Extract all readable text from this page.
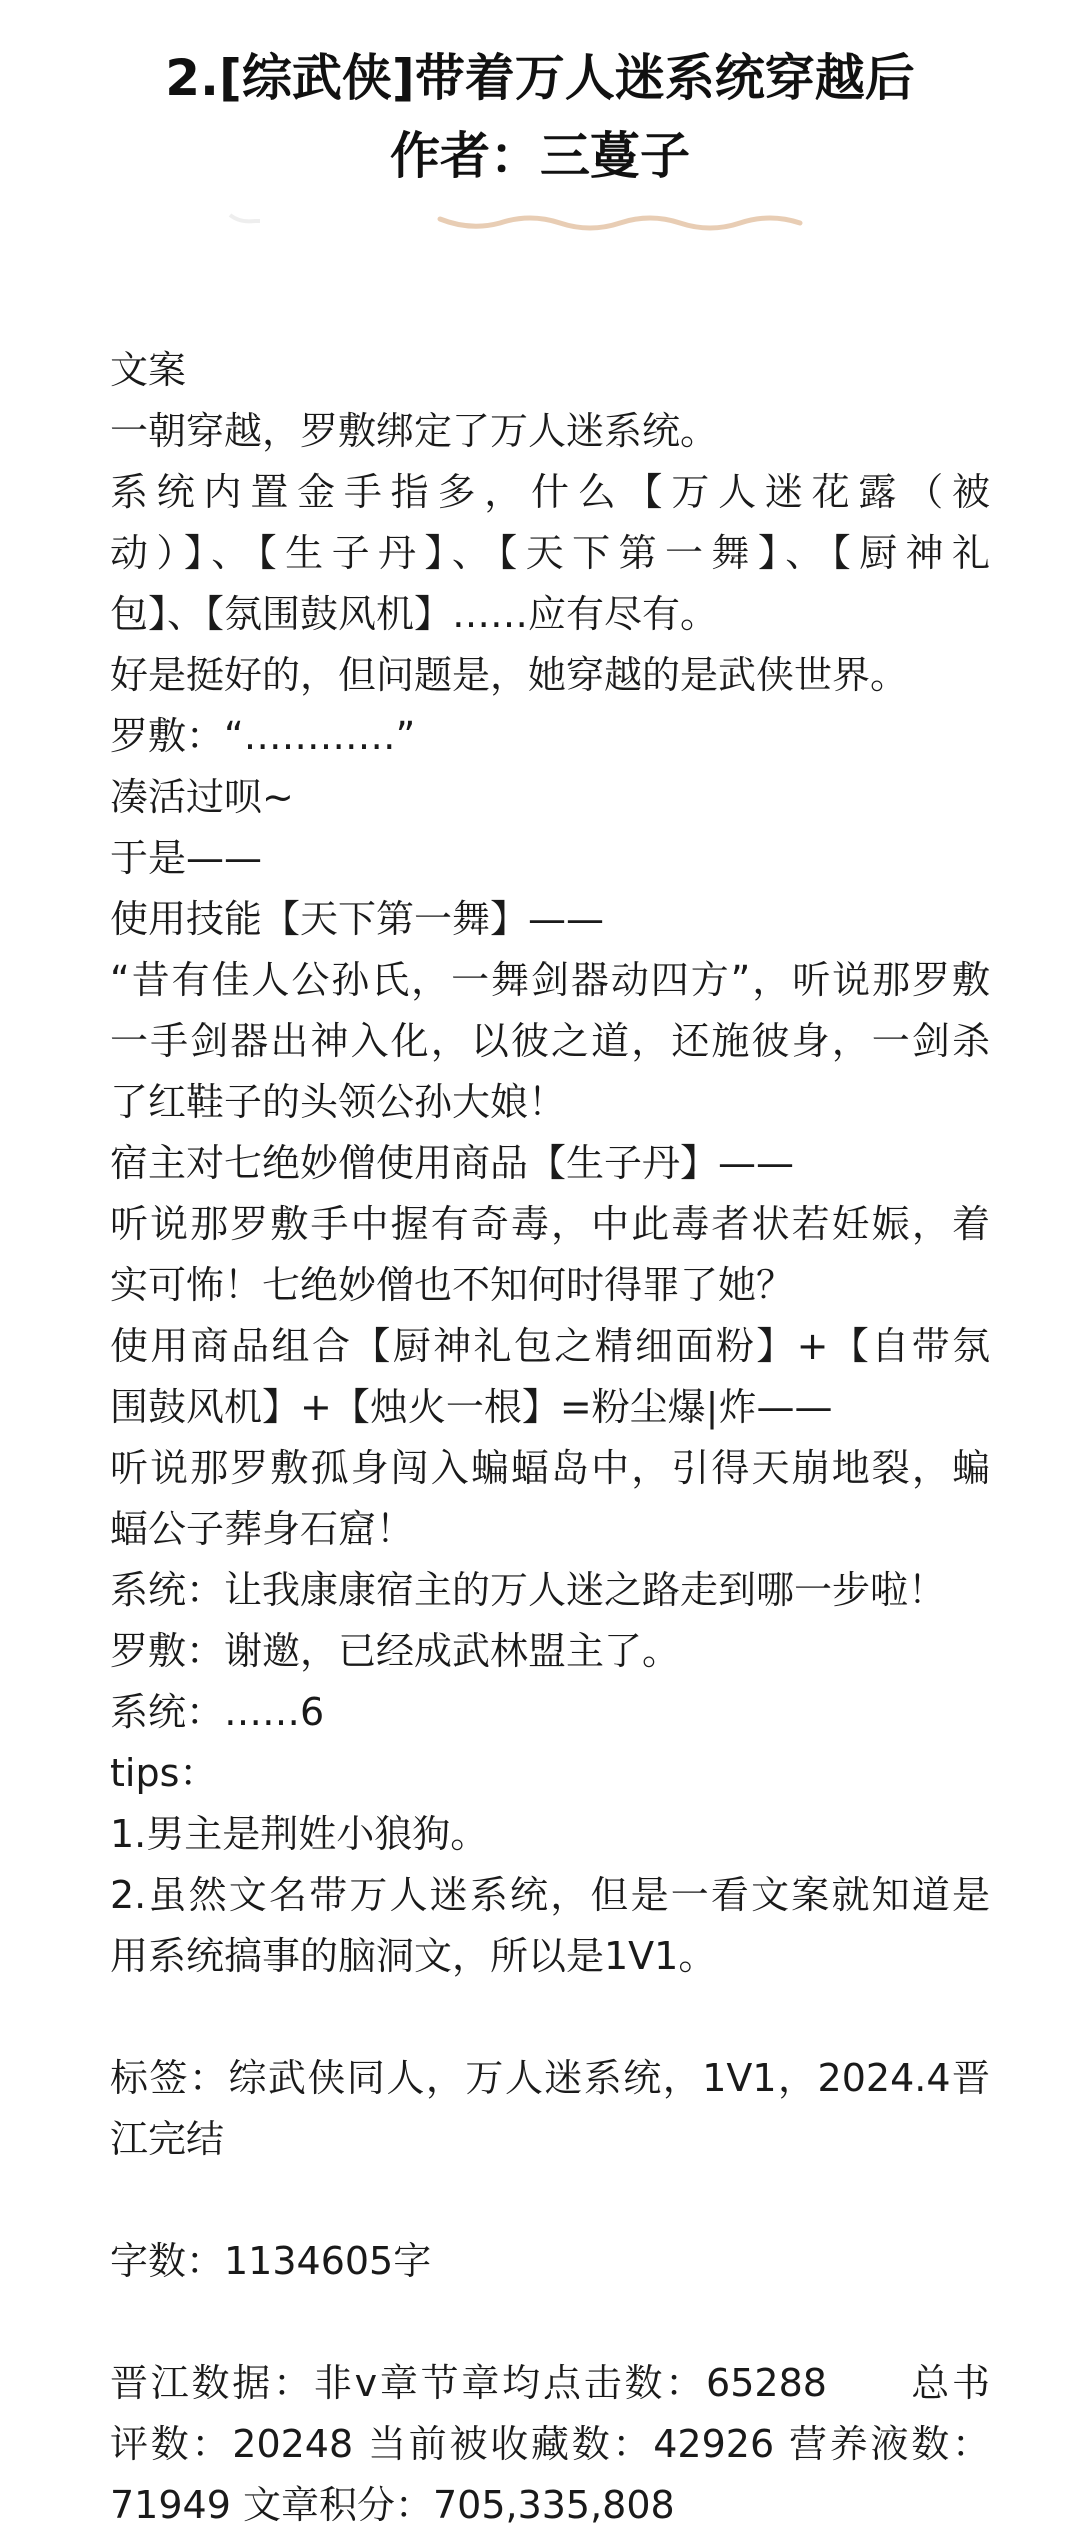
2.[综武侠]带着万人迷系统穿越后
作者：三蔓子
文案
一朝穿越，罗敷绑定了万人迷系统。
系统内置金手指多，什么【万人迷花露（被
动）】、【生子丹】、【天下第一舞】、【厨神礼
包】、【氛围鼓风机】……应有尽有。
好是挺好的，但问题是，她穿越的是武侠世界。
罗敷：“…………”
凑活过呗~
于是——
使用技能【天下第一舞】——
“昔有佳人公孙氏，一舞剑器动四方”，听说那罗敷
一手剑器出神入化，以彼之道，还施彼身，一剑杀
了红鞋子的头领公孙大娘！
宿主对七绝妙僧使用商品【生子丹】——
听说那罗敷手中握有奇毒，中此毒者状若妊娠，着
实可怖！七绝妙僧也不知何时得罪了她？
使用商品组合【厨神礼包之精细面粉】+【自带氛
围鼓风机】+【烛火一根】=粉尘爆|炸——
听说那罗敷孤身闯入蝙蝠岛中，引得天崩地裂，蝙
蝠公子葬身石窟！
系统：让我康康宿主的万人迷之路走到哪一步啦！
罗敷：谢邀，已经成武林盟主了。
系统：……6
tips：
1.男主是荆姓小狼狗。
2.虽然文名带万人迷系统，但是一看文案就知道是
用系统搞事的脑洞文，所以是1V1。
标签：综武侠同人，万人迷系统，1V1，2024.4晋
江完结
字数：1134605字
晋江数据：非v章节章均点击数：65288　　总书
评数：20248 当前被收藏数：42926 营养液数：
71949 文章积分：705,335,808
